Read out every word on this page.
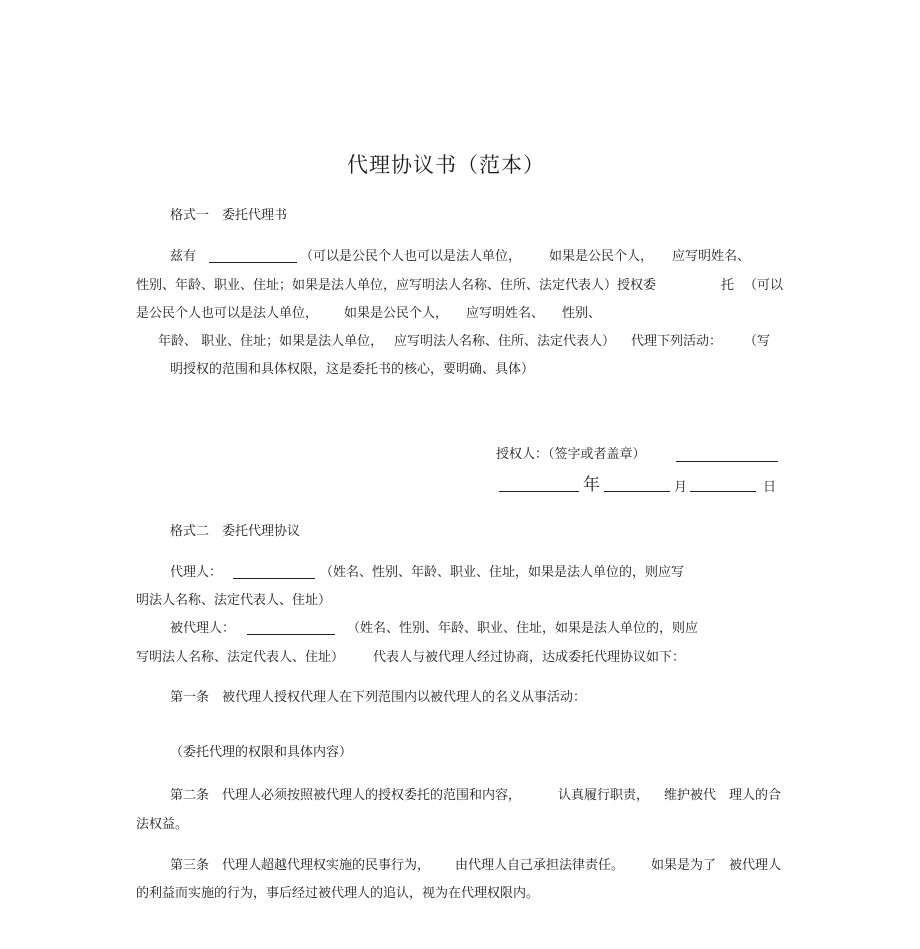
代理协议书（范本）
格式一　委托代理书
兹有	（可以是公民个人也可以是法人单位， 如果是公民个人， 应写明姓名、
性别、年龄、职业、住址；如果是法人单位，应写明法人名称、住所、法定代表人）授权委	托 （可以
是公民个人也可以是法人单位， 如果是公民个人， 应写明姓名、 性别、
年龄、 职业、住址；如果是法人单位， 应写明法人名称、住所、法定代表人） 代理下列活动： （写
明授权的范围和具体权限，这是委托书的核心，要明确、具体）
授权人：（签字或者盖章）
年	月	日
格式二　委托代理协议
代理人：	（姓名、性别、年龄、职业、住址，如果是法人单位的，则应写
明法人名称、法定代表人、住址）
被代理人：	（姓名、性别、年龄、职业、住址，如果是法人单位的，则应
写明法人名称、法定代表人、住址） 代表人与被代理人经过协商，达成委托代理协议如下：
第一条　被代理人授权代理人在下列范围内以被代理人的名义从事活动：
（委托代理的权限和具体内容）
第二条　代理人必须按照被代理人的授权委托的范围和内容，	认真履行职责， 维护被代　理人的合
法权益。
第三条　代理人超越代理权实施的民事行为， 由代理人自己承担法律责任。 如果是为了　被代理人
的利益而实施的行为，事后经过被代理人的追认，视为在代理权限内。
